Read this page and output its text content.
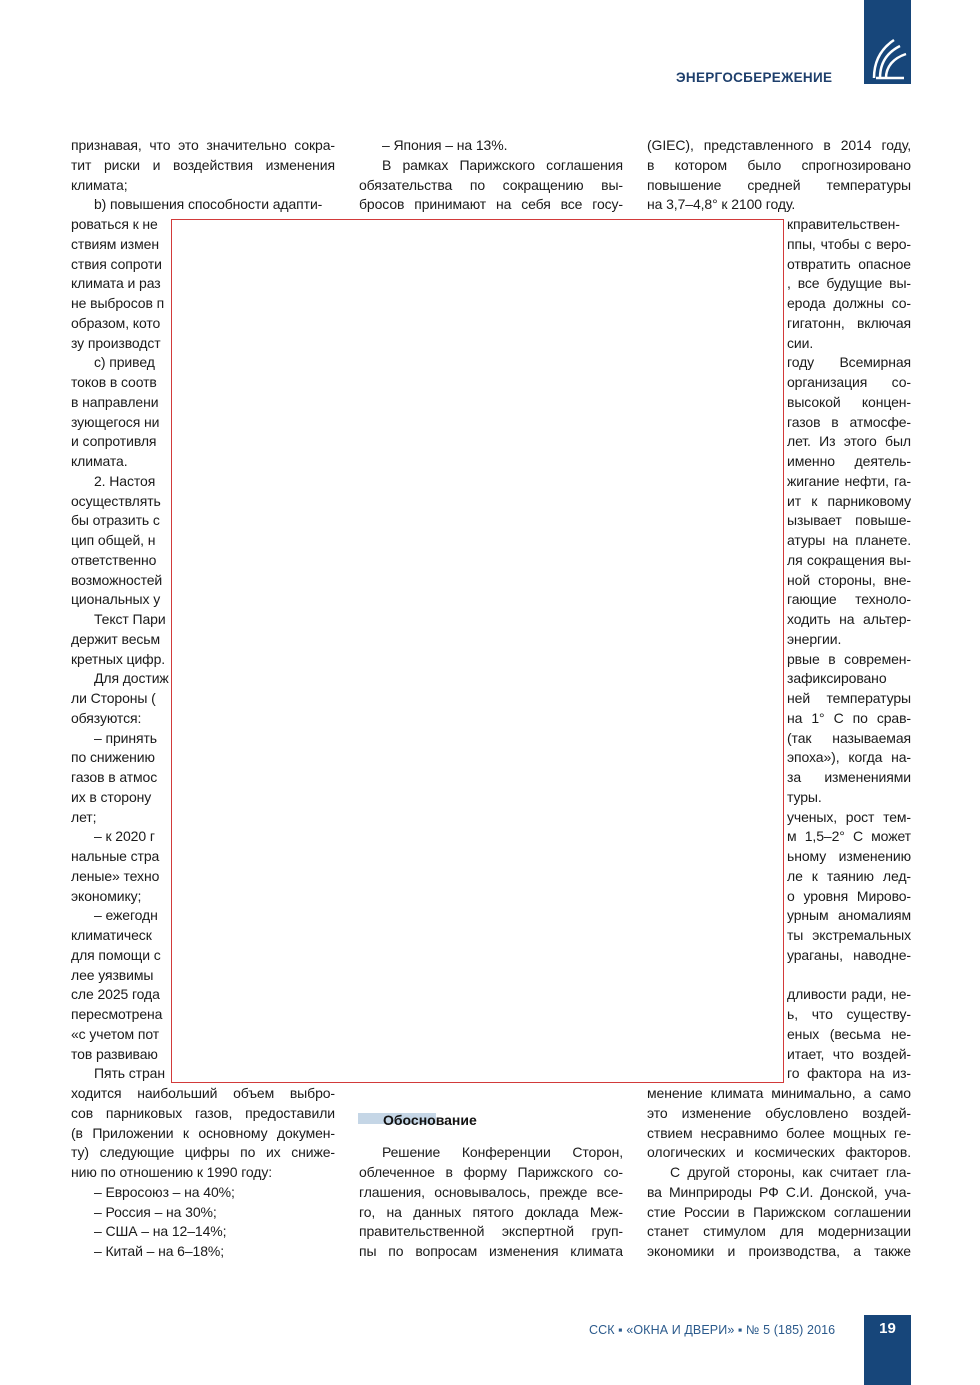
ЭНЕРГОСБЕРЕЖЕНИЕ
признавая, что это значительно сокра-
тит риски и воздействия изменения
климата;
b) повышения способности адапти-
роваться к не
ствиям измен
ствия сопроти
климата и раз
не выбросов п
образом, кото
зу производст
c) привед
токов в соотв
в направлени
зующегося ни
и сопротивля
климата.
2. Настоя
осуществлять
бы отразить с
цип общей, н
ответственно
возможностей
циональных у
Текст Пари
держит весьм
кретных цифр.
Для достиж
ли Стороны (
обязуются:
– принять
по снижению
газов в атмос
их в сторону
лет;
– к 2020 г
нальные стра
леные» техно
экономику;
– ежегодн
климатическ
для помощи с
лее уязвимы
сле 2025 года
пересмотрена
«с учетом пот
тов развиваю
Пять стран
ходится наибольший объем выбро-
сов парниковых газов, предоставили
(в Приложении к основному докумен-
ту) следующие цифры по их сниже-
нию по отношению к 1990 году:
– Евросоюз – на 40%;
– Россия – на 30%;
– США – на 12–14%;
– Китай – на 6–18%;
– Япония – на 13%.
В рамках Парижского соглашения
обязательства по сокращению вы-
бросов принимают на себя все госу-
Решение Конференции Сторон,
облеченное в форму Парижского со-
глашения, основывалось, прежде все-
го, на данных пятого доклада Меж-
правительственной экспертной груп-
пы по вопросам изменения климата
(GIEC), представленного в 2014 году,
в котором было спрогнозировано
повышение средней температуры
на 3,7–4,8° к 2100 году.
кправительствен-
ппы, чтобы с веро-
отвратить опасное
, все будущие вы-
ерода должны со-
гигатонн, включая
сии.
году Всемирная
организация со-
высокой концен-
газов в атмосфе-
лет. Из этого был
именно деятель-
жигание нефти, га-
ит к парниковому
ызывает повыше-
атуры на планете.
ля сокращения вы-
ной стороны, вне-
гающие техноло-
ходить на альтер-
энергии.
рвые в современ-
зафиксировано
ней температуры
на 1° С по срав-
(так называемая
эпоха»), когда на-
за изменениями
туры.
ученых, рост тем-
м 1,5–2° С может
ьному изменению
ле к таянию лед-
о уровня Мирово-
урным аномалиям
ты экстремальных
ураганы, наводне-
дливости ради, не-
ь, что существу-
еных (весьма не-
итает, что воздей-
го фактора на из-
менение климата минимально, а само
это изменение обусловлено воздей-
ствием несравнимо более мощных ге-
ологических и космических факторов.
С другой стороны, как считает гла-
ва Минприроды РФ С.И. Донской, уча-
стие России в Парижском соглашении
станет стимулом для модернизации
экономики и производства, а также
Обоснование
ССК ▪ «ОКНА И ДВЕРИ» ▪ № 5 (185) 2016	19
